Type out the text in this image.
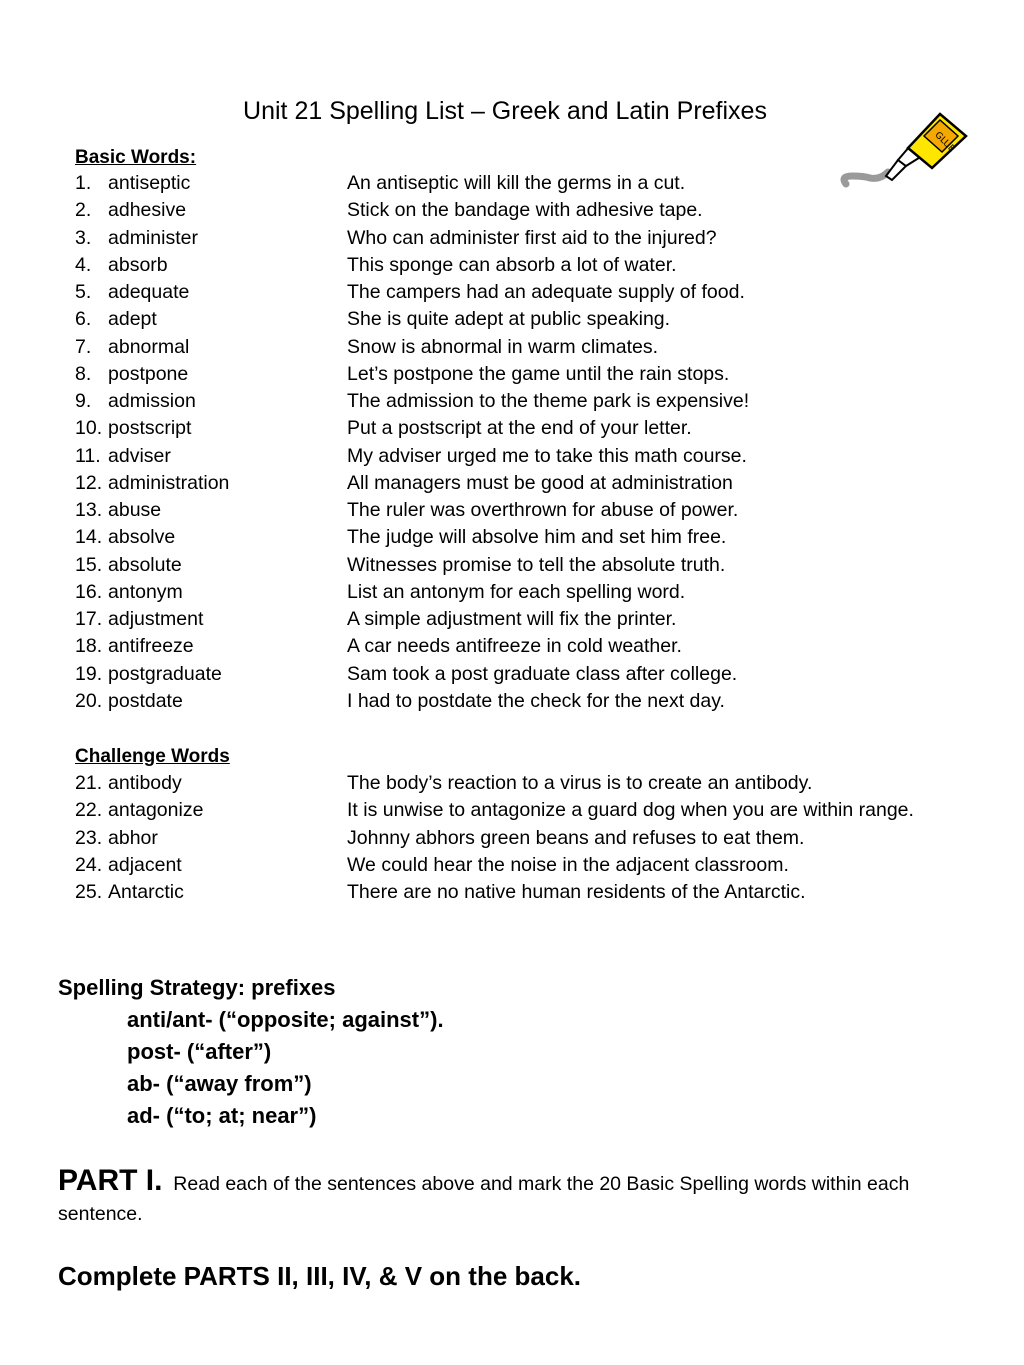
Unit 21 Spelling List – Greek and Latin Prefixes
GLUE
Basic Words:
1. antiseptic	An antiseptic will kill the germs in a cut.
2. adhesive	Stick on the bandage with adhesive tape.
3. administer	Who can administer first aid to the injured?
4. absorb	This sponge can absorb a lot of water.
5. adequate	The campers had an adequate supply of food.
6. adept	She is quite adept at public speaking.
7. abnormal	Snow is abnormal in warm climates.
8. postpone	Let’s postpone the game until the rain stops.
9. admission	The admission to the theme park is expensive!
10. postscript	Put a postscript at the end of your letter.
11. adviser	My adviser urged me to take this math course.
12. administration	All managers must be good at administration
13. abuse	The ruler was overthrown for abuse of power.
14. absolve	The judge will absolve him and set him free.
15. absolute	Witnesses promise to tell the absolute truth.
16. antonym	List an antonym for each spelling word.
17. adjustment	A simple adjustment will fix the printer.
18. antifreeze	A car needs antifreeze in cold weather.
19. postgraduate	Sam took a post graduate class after college.
20. postdate	I had to postdate the check for the next day.
Challenge Words
21. antibody	The body’s reaction to a virus is to create an antibody.
22. antagonize	It is unwise to antagonize a guard dog when you are within range.
23. abhor	Johnny abhors green beans and refuses to eat them.
24. adjacent	We could hear the noise in the adjacent classroom.
25. Antarctic	There are no native human residents of the Antarctic.
Spelling Strategy: prefixes
anti/ant- (“opposite; against”).
post- (“after”)
ab- (“away from”)
ad- (“to; at; near”)
PART I. Read each of the sentences above and mark the 20 Basic Spelling words within each sentence.
Complete PARTS II, III, IV, & V on the back.
